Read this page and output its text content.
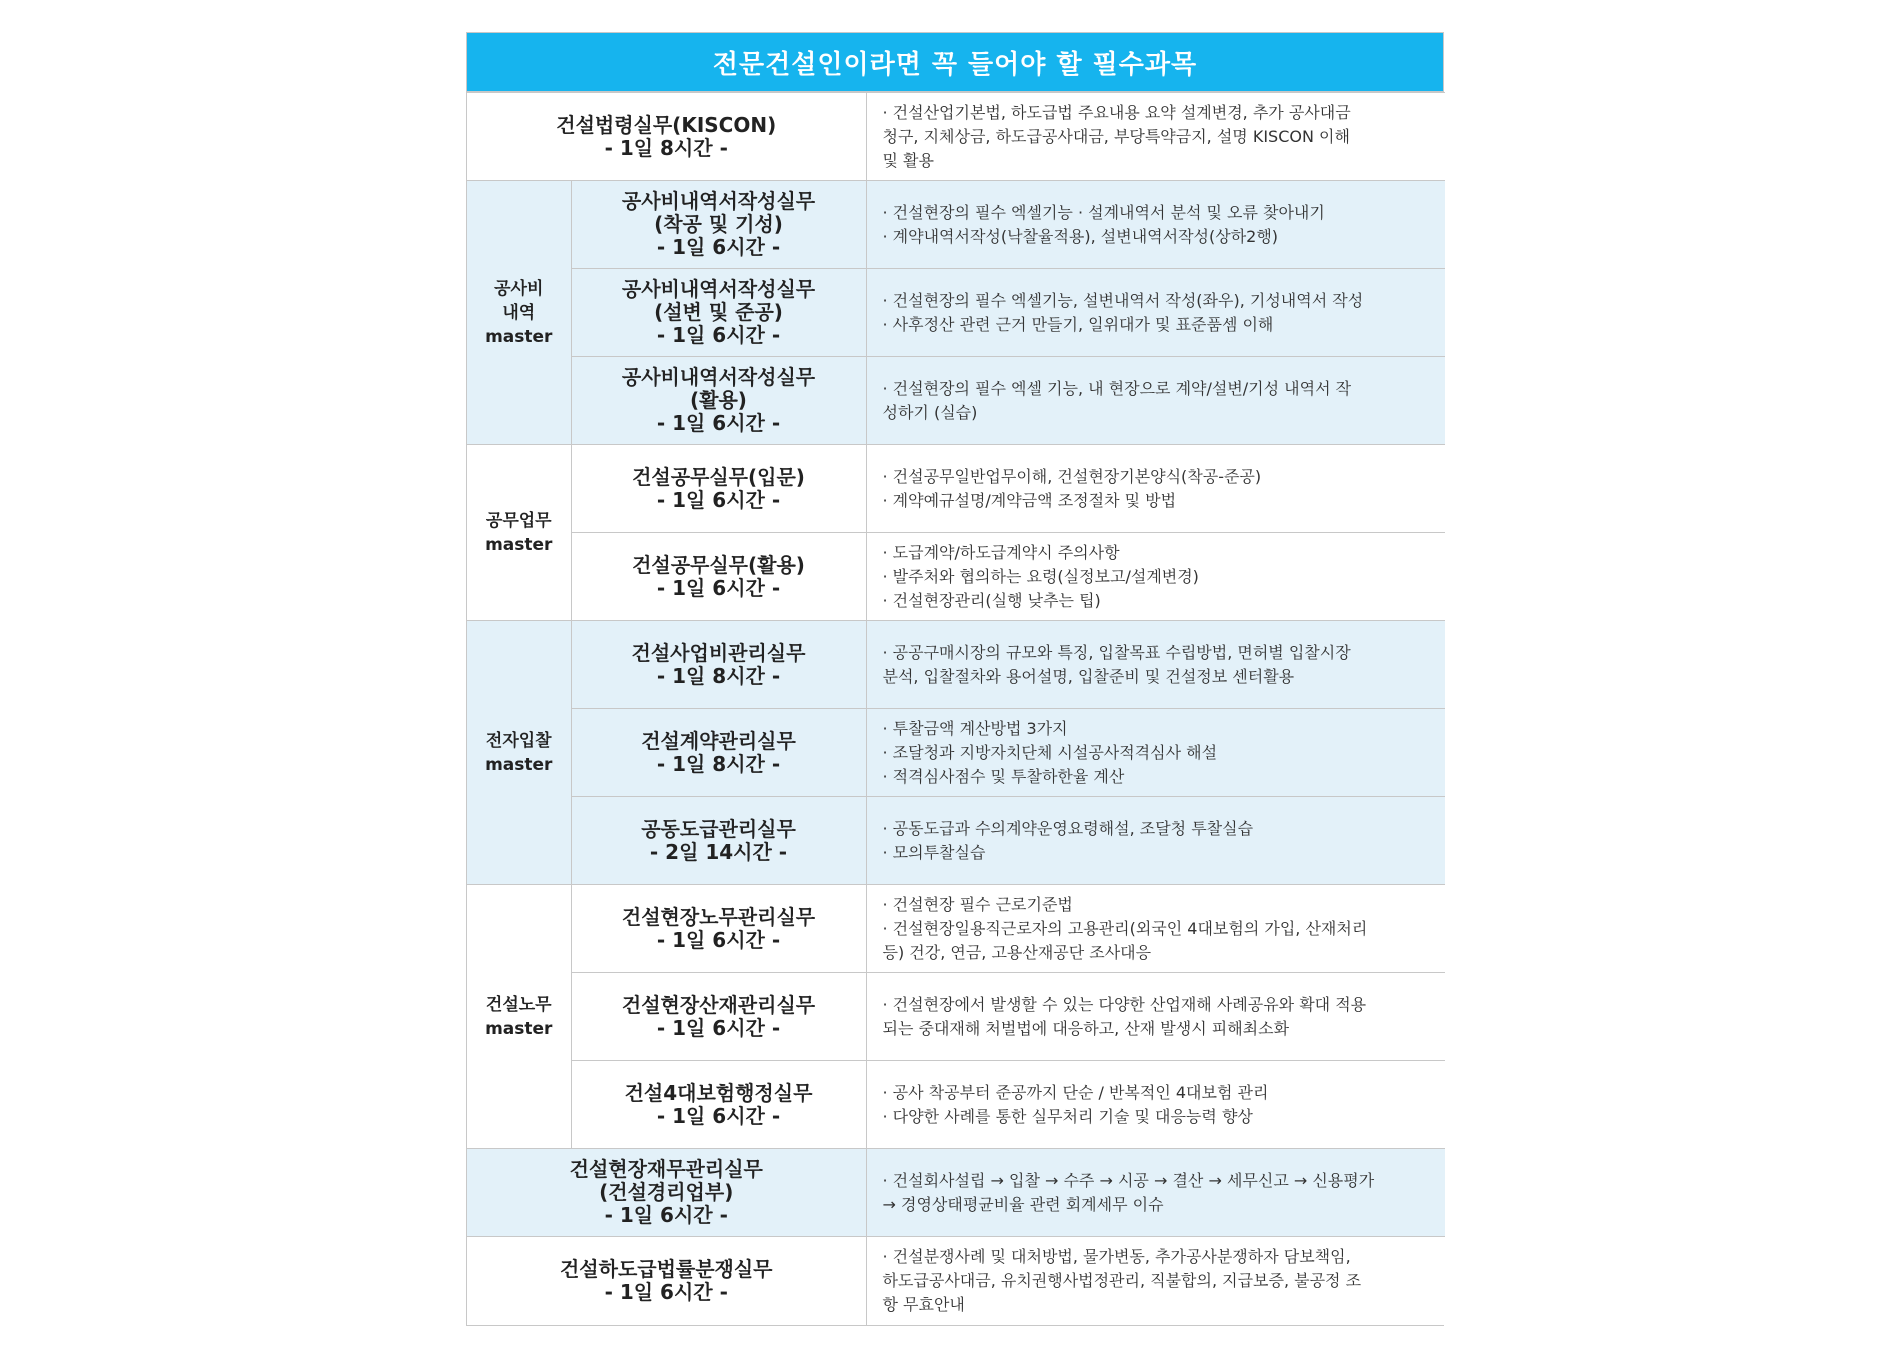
전문건설인이라면 꼭 들어야 할 필수과목
건설법령실무(KISCON)
- 1일 8시간 -		· 건설산업기본법, 하도급법 주요내용 요약 설계변경, 추가 공사대금
청구, 지체상금, 하도급공사대금, 부당특약금지, 설명 KISCON 이해
및 활용

공사비
내역
master	공사비내역서작성실무
(착공 및 기성)
- 1일 6시간 -	· 건설현장의 필수 엑셀기능 · 설계내역서 분석 및 오류 찾아내기
· 계약내역서작성(낙찰율적용), 설변내역서작성(상하2행)

	공사비내역서작성실무
(설변 및 준공)
- 1일 6시간 -	· 건설현장의 필수 엑셀기능, 설변내역서 작성(좌우), 기성내역서 작성
· 사후정산 관련 근거 만들기, 일위대가 및 표준품셈 이해

	공사비내역서작성실무
(활용)
- 1일 6시간 -	· 건설현장의 필수 엑셀 기능, 내 현장으로 계약/설변/기성 내역서 작
성하기 (실습)

공무업무
master	건설공무실무(입문)
- 1일 6시간 -	· 건설공무일반업무이해, 건설현장기본양식(착공-준공)
· 계약예규설명/계약금액 조정절차 및 방법

	건설공무실무(활용)
- 1일 6시간 -	· 도급계약/하도급계약시 주의사항
· 발주처와 협의하는 요령(실정보고/설계변경)
· 건설현장관리(실행 낮추는 팁)

전자입찰
master	건설사업비관리실무
- 1일 8시간 -	· 공공구매시장의 규모와 특징, 입찰목표 수립방법, 면허별 입찰시장
분석, 입찰절차와 용어설명, 입찰준비 및 건설정보 센터활용

	건설계약관리실무
- 1일 8시간 -	· 투찰금액 계산방법 3가지
· 조달청과 지방자치단체 시설공사적격심사 해설
· 적격심사점수 및 투찰하한율 계산

	공동도급관리실무
- 2일 14시간 -	· 공동도급과 수의계약운영요령해설, 조달청 투찰실습
· 모의투찰실습

건설노무
master	건설현장노무관리실무
- 1일 6시간 -	· 건설현장 필수 근로기준법
· 건설현장일용직근로자의 고용관리(외국인 4대보험의 가입, 산재처리
등) 건강, 연금, 고용산재공단 조사대응

	건설현장산재관리실무
- 1일 6시간 -	· 건설현장에서 발생할 수 있는 다양한 산업재해 사례공유와 확대 적용
되는 중대재해 처벌법에 대응하고, 산재 발생시 피해최소화

	건설4대보험행정실무
- 1일 6시간 -	· 공사 착공부터 준공까지 단순 / 반복적인 4대보험 관리
· 다양한 사례를 통한 실무처리 기술 및 대응능력 향상

건설현장재무관리실무
(건설경리업부)
- 1일 6시간 -		· 건설회사설립 → 입찰 → 수주 → 시공 → 결산 → 세무신고 → 신용평가
→ 경영상태평균비율 관련 회계세무 이슈

건설하도급법률분쟁실무
- 1일 6시간 -		· 건설분쟁사례 및 대처방법, 물가변동, 추가공사분쟁하자 담보책임,
하도급공사대금, 유치권행사법정관리, 직불합의, 지급보증, 불공정 조
항 무효안내
